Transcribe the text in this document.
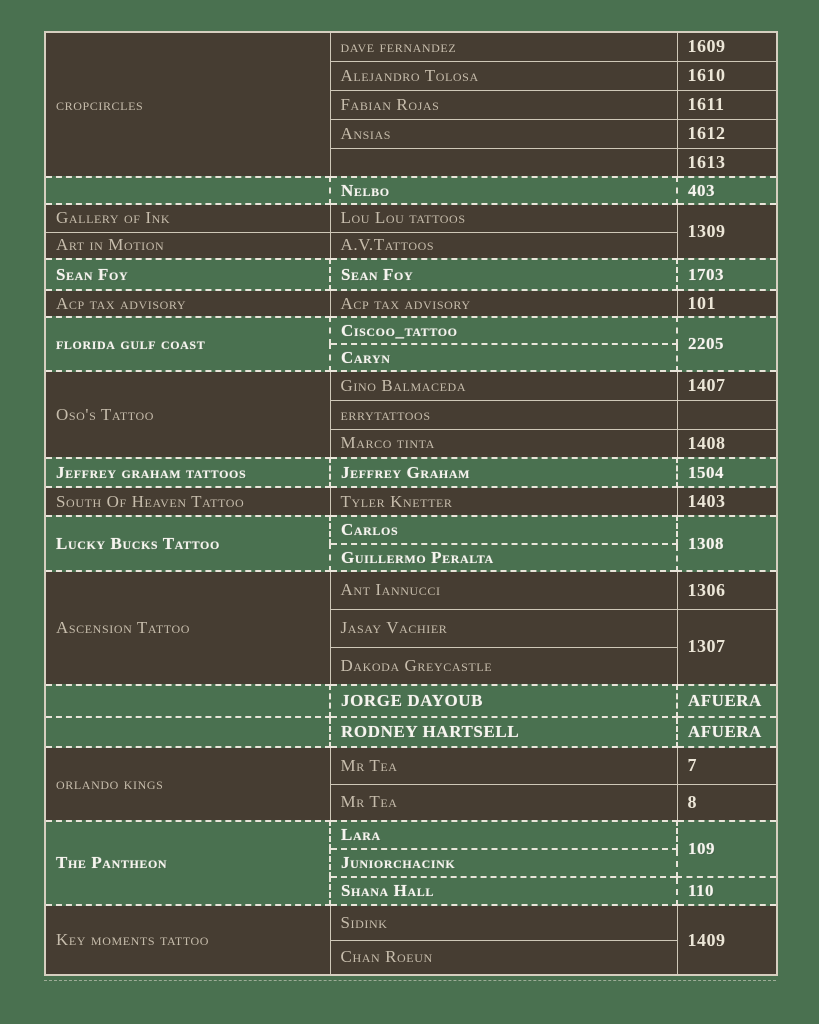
cropcircles	dave fernandez	1609
	Alejandro Tolosa	1610
	Fabian Rojas	1611
	Ansias	1612
		1613
	Nelbo	403
Gallery of Ink	Lou Lou tattoos	1309
Art in Motion	A.V.Tattoos	
Sean Foy	Sean Foy	1703
Acp tax advisory	Acp tax advisory	101
florida gulf coast	Ciscoo_tattoo	2205
	Caryn	
Oso's Tattoo	Gino Balmaceda	1407
	errytattoos	
	Marco tinta	1408
Jeffrey graham tattoos	Jeffrey Graham	1504
South Of Heaven Tattoo	Tyler Knetter	1403
Lucky Bucks Tattoo	Carlos	1308
	Guillermo Peralta	
Ascension Tattoo	Ant Iannucci	1306
	Jasay Vachier	1307
	Dakoda Greycastle	
	JORGE DAYOUB	AFUERA
	RODNEY HARTSELL	AFUERA
orlando kings	Mr Tea	7
	Mr Tea	8
The Pantheon	Lara	109
	Juniorchacink	
	Shana Hall	110
Key moments tattoo	Sidink	1409
	Chan Roeun	
